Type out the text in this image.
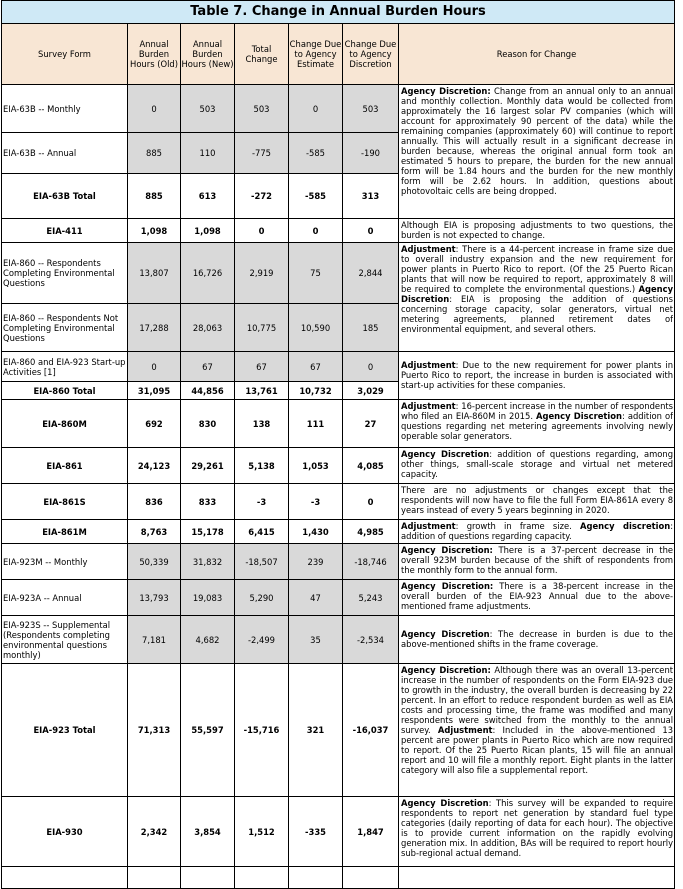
Table 7. Change in Annual Burden Hours						
Survey Form	Annual Burden Hours (Old)	Annual Burden Hours (New)	Total Change	Change Due to Agency Estimate	Change Due to Agency Discretion	Reason for Change
EIA-63B -- Monthly	0	503	503	0	503	Agency Discretion: Change from an annual only to an annual and monthly collection. Monthly data would be collected from approximately the 16 largest solar PV companies (which will account for approximately 90 percent of the data) while the remaining companies (approximately 60) will continue to report annually. This will actually result in a significant decrease in burden because, whereas the original annual form took an estimated 5 hours to prepare, the burden for the new annual form will be 1.84 hours and the burden for the new monthly form will be 2.62 hours. In addition, questions about photovoltaic cells are being dropped.

EIA-63B -- Annual	885	110	-775	-585	-190	
EIA-63B Total	885	613	-272	-585	313	
EIA-411	1,098	1,098	0	0	0	Although EIA is proposing adjustments to two questions, the burden is not expected to change.

EIA-860 -- Respondents Completing Environmental Questions	13,807	16,726	2,919	75	2,844	Adjustment: There is a 44-percent increase in frame size due to overall industry expansion and the new requirement for power plants in Puerto Rico to report. (Of the 25 Puerto Rican plants that will now be required to report, approximately 8 will be required to complete the environmental questions.) Agency Discretion: EIA is proposing the addition of questions concerning storage capacity, solar generators, virtual net metering agreements, planned retirement dates of environmental equipment, and several others.

EIA-860 -- Respondents Not Completing Environmental Questions	17,288	28,063	10,775	10,590	185	
EIA-860 and EIA-923 Start-up Activities [1]	0	67	67	67	0	Adjustment: Due to the new requirement for power plants in Puerto Rico to report, the increase in burden is associated with start-up activities for these companies.

EIA-860 Total	31,095	44,856	13,761	10,732	3,029	
EIA-860M	692	830	138	111	27	Adjustment: 16-percent increase in the number of respondents who filed an EIA-860M in 2015. Agency Discretion: addition of questions regarding net metering agreements involving newly operable solar generators.

EIA-861	24,123	29,261	5,138	1,053	4,085	Agency Discretion: addition of questions regarding, among other things, small-scale storage and virtual net metered capacity.

EIA-861S	836	833	-3	-3	0	There are no adjustments or changes except that the respondents will now have to file the full Form EIA-861A every 8 years instead of every 5 years beginning in 2020.

EIA-861M	8,763	15,178	6,415	1,430	4,985	Adjustment: growth in frame size. Agency discretion: addition of questions regarding capacity.

EIA-923M -- Monthly	50,339	31,832	-18,507	239	-18,746	Agency Discretion: There is a 37-percent decrease in the overall 923M burden because of the shift of respondents from the monthly form to the annual form.

EIA-923A -- Annual	13,793	19,083	5,290	47	5,243	Agency Discretion: There is a 38-percent increase in the overall burden of the EIA-923 Annual due to the above-mentioned frame adjustments.

EIA-923S -- Supplemental (Respondents completing environmental questions monthly)	7,181	4,682	-2,499	35	-2,534	Agency Discretion: The decrease in burden is due to the above-mentioned shifts in the frame coverage.

EIA-923 Total	71,313	55,597	-15,716	321	-16,037	Agency Discretion: Although there was an overall 13-percent increase in the number of respondents on the Form EIA-923 due to growth in the industry, the overall burden is decreasing by 22 percent. In an effort to reduce respondent burden as well as EIA costs and processing time, the frame was modified and many respondents were switched from the monthly to the annual survey. Adjustment: Included in the above-mentioned 13 percent are power plants in Puerto Rico which are now required to report. Of the 25 Puerto Rican plants, 15 will file an annual report and 10 will file a monthly report. Eight plants in the latter category will also file a supplemental report.

EIA-930	2,342	3,854	1,512	-335	1,847	Agency Discretion: This survey will be expanded to require respondents to report net generation by standard fuel type categories (daily reporting of data for each hour). The objective is to provide current information on the rapidly evolving generation mix. In addition, BAs will be required to report hourly sub-regional actual demand.
